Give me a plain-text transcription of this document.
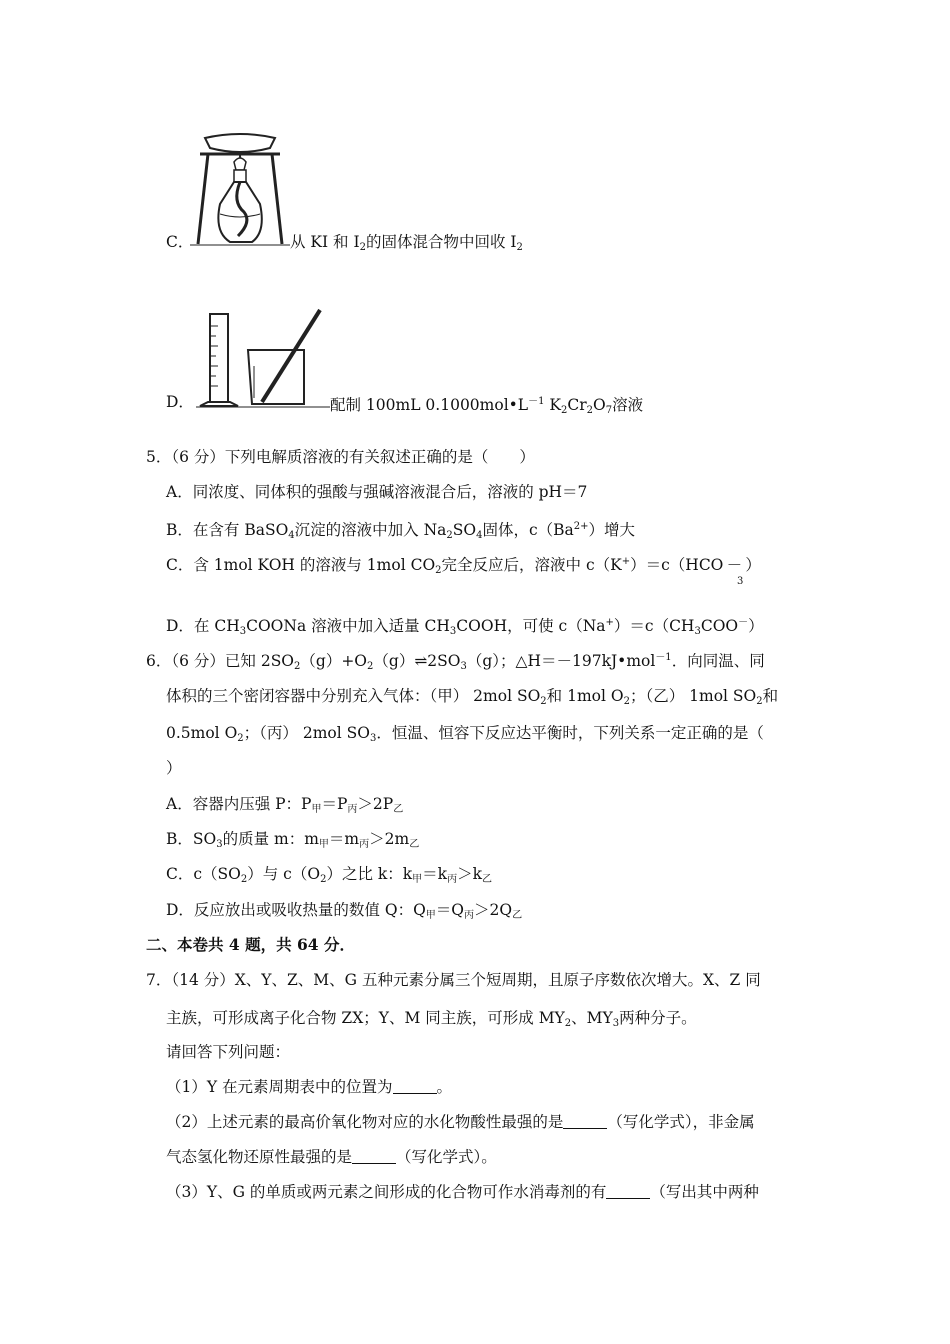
C．	从 KI 和 $I_2$的固体混合物中回收 $I_2$
D．	配制 100mL $0.1000mol•L^{-1}$ $K_2Cr_2O_7$溶液
5．（6 分）下列电解质溶液的有关叙述正确的是（　　）
A．同浓度、同体积的强酸与强碱溶液混合后，溶液的 pH＝7
B．在含有 BaSO$_4$沉淀的溶液中加入 $Na_2SO_4$固体，$c(Ba^{2+})$增大
C．含 1mol KOH 的溶液与 1mol $CO_2$完全反应后，溶液中 c（K+）＝c（HCO － ）
3
D．在 $CH_3COONa$ 溶液中加入适量 $CH_3COOH$，可使 $c(Na^+)=c(CH_3COO^-)$
6．（6 分）已知 $2SO_2(g)+O_2(g)\rightleftharpoons 2SO_3(g)$；△H＝－197kJ•mol$^{-1}$．向同温、同
体积的三个密闭容器中分别充入气体：（甲） 2mol $SO_2$和 1mol $O_2$；（乙） 1mol $SO_2$和
0.5mol $O_2$；（丙） 2mol $SO_3$．恒温、恒容下反应达平衡时，下列关系一定正确的是（
）
A．容器内压强 P：$P_甲=P_丙>2P_乙$
B．$SO_3$的质量 m：$m_甲=m_丙>2m_乙$
C．$c(SO_2)$与 $c(O_2)$之比 k：$k_甲=k_丙>k_乙$
D．反应放出或吸收热量的数值 Q：$Q_甲=Q_丙>2Q_乙$
二、本卷共 4 题，共 64 分．
7．（14 分）X、Y、Z、M、G 五种元素分属三个短周期，且原子序数依次增大。X、Z 同
主族，可形成离子化合物 ZX；Y、M 同主族，可形成 $MY_2$、$MY_3$两种分子。
请回答下列问题：
（1）Y 在元素周期表中的位置为	。
（2）上述元素的最高价氧化物对应的水化物酸性最强的是	（写化学式），非金属
气态氢化物还原性最强的是	（写化学式）。
（3）Y、G 的单质或两元素之间形成的化合物可作水消毒剂的有	（写出其中两种
